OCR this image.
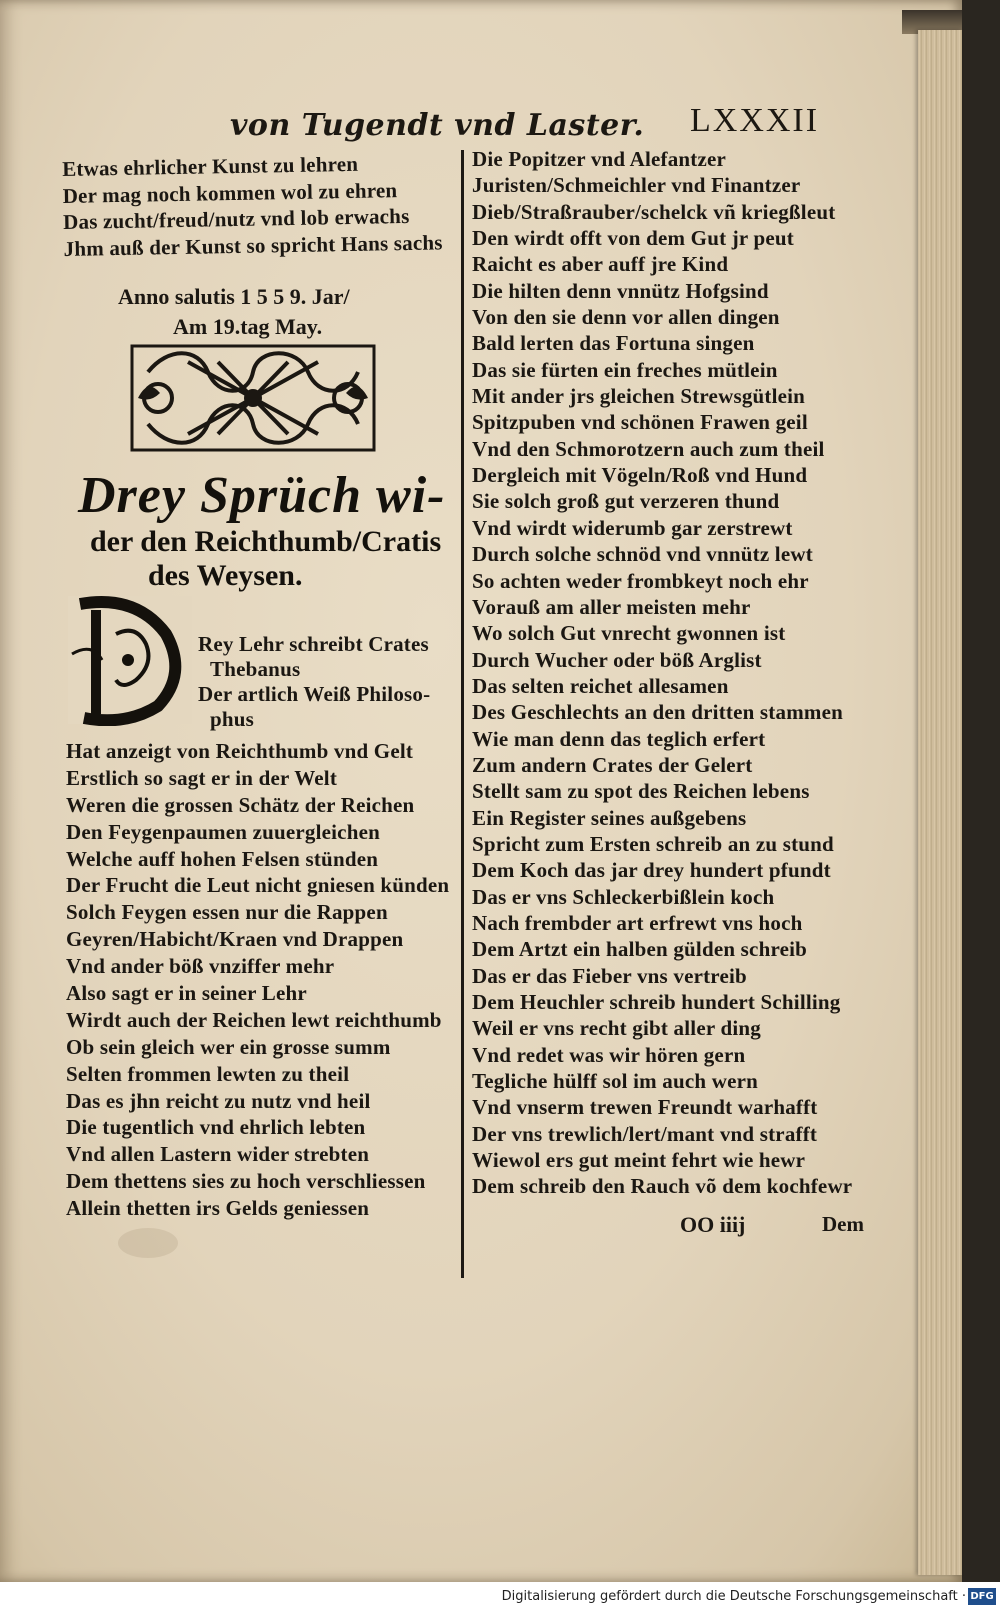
von Tugendt vnd Laster. LXXXII
Etwas ehrlicher Kunst zu lehren
Der mag noch kommen wol zu ehren
Das zucht/freud/nutz vnd lob erwachs
Jhm auß der Kunst so spricht Hans sachs
Anno salutis 1 5 5 9. Jar/
Am 19.tag May.
Drey Sprüch wi-
der den Reichthumb/Cratis
des Weysen.
Rey Lehr schreibt Crates
Thebanus
Der artlich Weiß Philoso-
phus
Hat anzeigt von Reichthumb vnd Gelt
Erstlich so sagt er in der Welt
Weren die grossen Schätz der Reichen
Den Feygenpaumen zuuergleichen
Welche auff hohen Felsen stünden
Der Frucht die Leut nicht gniesen künden
Solch Feygen essen nur die Rappen
Geyren/Habicht/Kraen vnd Drappen
Vnd ander böß vnziffer mehr
Also sagt er in seiner Lehr
Wirdt auch der Reichen lewt reichthumb
Ob sein gleich wer ein grosse summ
Selten frommen lewten zu theil
Das es jhn reicht zu nutz vnd heil
Die tugentlich vnd ehrlich lebten
Vnd allen Lastern wider strebten
Dem thettens sies zu hoch verschliessen
Allein thetten irs Gelds geniessen
Die Popitzer vnd Alefantzer
Juristen/Schmeichler vnd Finantzer
Dieb/Straßrauber/schelck vñ kriegßleut
Den wirdt offt von dem Gut jr peut
Raicht es aber auff jre Kind
Die hilten denn vnnütz Hofgsind
Von den sie denn vor allen dingen
Bald lerten das Fortuna singen
Das sie fürten ein freches mütlein
Mit ander jrs gleichen Strewsgütlein
Spitzpuben vnd schönen Frawen geil
Vnd den Schmorotzern auch zum theil
Dergleich mit Vögeln/Roß vnd Hund
Sie solch groß gut verzeren thund
Vnd wirdt widerumb gar zerstrewt
Durch solche schnöd vnd vnnütz lewt
So achten weder frombkeyt noch ehr
Vorauß am aller meisten mehr
Wo solch Gut vnrecht gwonnen ist
Durch Wucher oder böß Arglist
Das selten reichet allesamen
Des Geschlechts an den dritten stammen
Wie man denn das teglich erfert
Zum andern Crates der Gelert
Stellt sam zu spot des Reichen lebens
Ein Register seines außgebens
Spricht zum Ersten schreib an zu stund
Dem Koch das jar drey hundert pfundt
Das er vns Schleckerbißlein koch
Nach frembder art erfrewt vns hoch
Dem Artzt ein halben gülden schreib
Das er das Fieber vns vertreib
Dem Heuchler schreib hundert Schilling
Weil er vns recht gibt aller ding
Vnd redet was wir hören gern
Tegliche hülff sol im auch wern
Vnd vnserm trewen Freundt warhafft
Der vns trewlich/lert/mant vnd strafft
Wiewol ers gut meint fehrt wie hewr
Dem schreib den Rauch võ dem kochfewr
OO iiij	Dem
Digitalisierung gefördert durch die Deutsche Forschungsgemeinschaft · DFG
